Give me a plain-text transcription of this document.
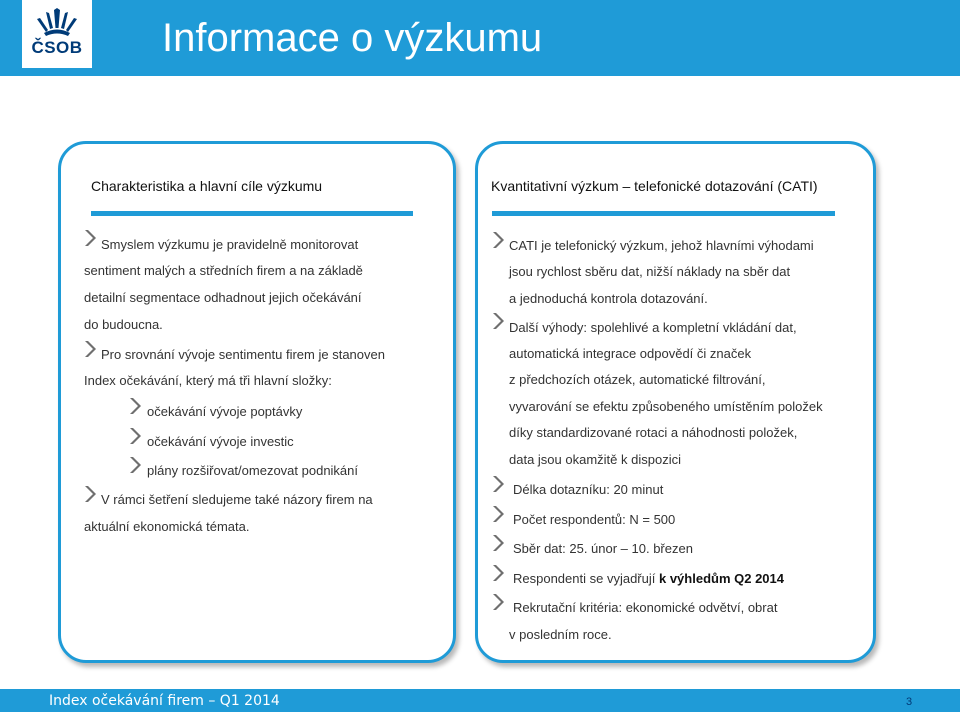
ČSOB Informace o výzkumu
Charakteristika a hlavní cíle výzkumu
Smyslem výzkumu je pravidelně monitorovat
sentiment malých a středních firem a na základě
detailní segmentace odhadnout jejich očekávání
do budoucna.
Pro srovnání vývoje sentimentu firem je stanoven
Index očekávání, který má tři hlavní složky:
očekávání vývoje poptávky
očekávání vývoje investic
plány rozšiřovat/omezovat podnikání
V rámci šetření sledujeme také názory firem na
aktuální ekonomická témata.
Kvantitativní výzkum – telefonické dotazování (CATI)
CATI je telefonický výzkum, jehož hlavními výhodami
jsou rychlost sběru dat, nižší náklady na sběr dat
a jednoduchá kontrola dotazování.
Další výhody: spolehlivé a kompletní vkládání dat,
automatická integrace odpovědí či značek
z předchozích otázek, automatické filtrování,
vyvarování se efektu způsobeného umístěním položek
díky standardizované rotaci a náhodnosti položek,
data jsou okamžitě k dispozici
Délka dotazníku: 20 minut
Počet respondentů: N = 500
Sběr dat: 25. únor – 10. březen
Respondenti se vyjadřují k výhledům Q2 2014
Rekrutační kritéria: ekonomické odvětví, obrat
v posledním roce.
Index očekávání firem – Q1 2014	3
